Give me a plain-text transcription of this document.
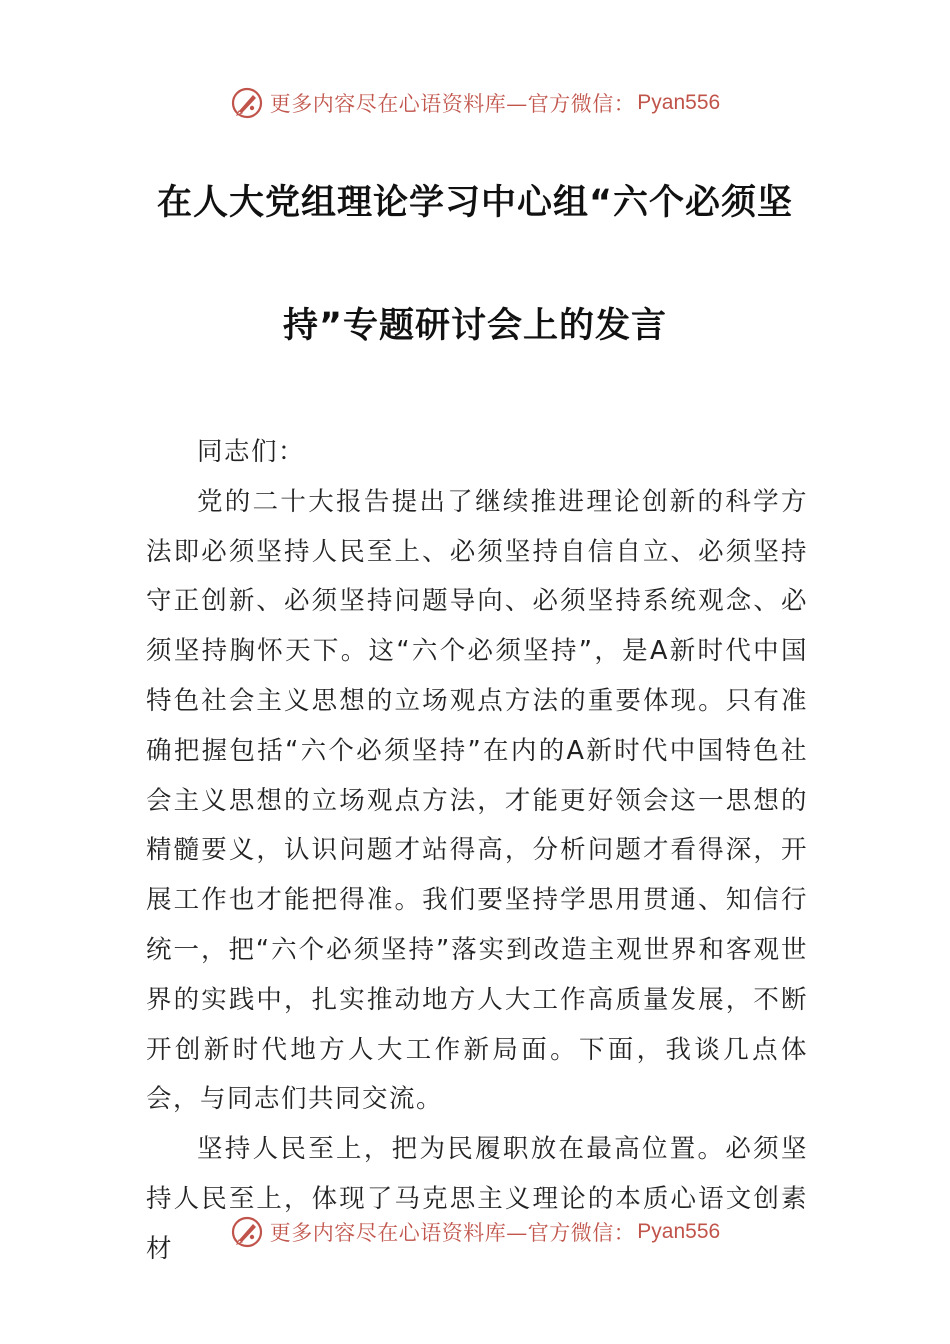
更多内容尽在心语资料库—官方微信： Pyan556
在人大党组理论学习中心组“六个必须坚
持”专题研讨会上的发言

同志们：

党的二十大报告提出了继续推进理论创新的科学方法即必须坚持人民至上、必须坚持自信自立、必须坚持守正创新、必须坚持问题导向、必须坚持系统观念、必须坚持胸怀天下。这“六个必须坚持”，是A新时代中国特色社会主义思想的立场观点方法的重要体现。只有准确把握包括“六个必须坚持”在内的A新时代中国特色社会主义思想的立场观点方法，才能更好领会这一思想的精髓要义，认识问题才站得高，分析问题才看得深，开展工作也才能把得准。我们要坚持学思用贯通、知信行统一，把“六个必须坚持”落实到改造主观世界和客观世界的实践中，扎实推动地方人大工作高质量发展，不断开创新时代地方人大工作新局面。下面，我谈几点体会，与同志们共同交流。

坚持人民至上，把为民履职放在最高位置。必须坚持人民至上，体现了马克思主义理论的本质心语文创素材

更多内容尽在心语资料库—官方微信： Pyan556
